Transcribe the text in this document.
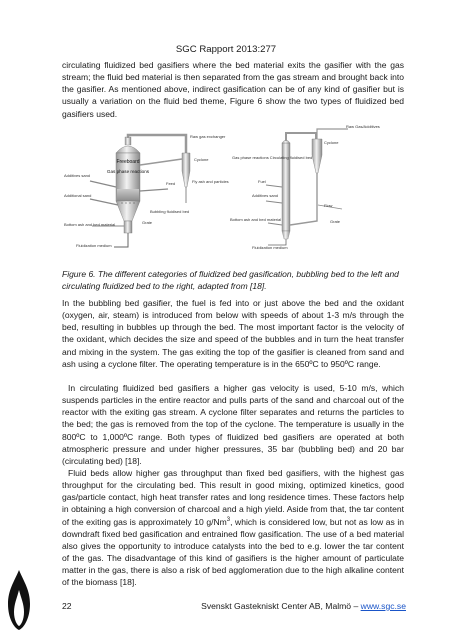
SGC Rapport 2013:277

circulating fluidized bed gasifiers where the bed material exits the gasifier with the gas stream; the fluid bed material is then separated from the gas stream and brought back into the gasifier. As mentioned above, indirect gasification can be of any kind of gasifier but is usually a variation on the fluid bed theme, Figure 6 show the two types of fluidized bed gasifiers used.

Raw gas exchanger
Cyclone
Freeboard
Gas phase reactions
Fly ash and particles
Feed
Additives sand
Additional sand
Bubbling fluidised bed
Grate
Bottom ash and bed material
Fluidization medium
Raw Gas/Additives
Cyclone
Gas phase reactions Circulating fluidised bed
Fuel
Additives sand
Flow
Grate
Bottom ash and bed material
Fluidization medium

Figure 6. The different categories of fluidized bed gasification, bubbling bed to the left and circulating fluidized bed to the right, adapted from [18].

In the bubbling bed gasifier, the fuel is fed into or just above the bed and the oxidant (oxygen, air, steam) is introduced from below with speeds of about 1-3 m/s through the bed, resulting in bubbles up through the bed. The most important factor is the velocity of the oxidant, which decides the size and speed of the bubbles and in turn the heat transfer and mixing in the system. The gas exiting the top of the gasifier is cleaned from sand and ash using a cyclone filter. The operating temperature is in the 650ºC to 950ºC range.

In circulating fluidized bed gasifiers a higher gas velocity is used, 5-10 m/s, which suspends particles in the entire reactor and pulls parts of the sand and charcoal out of the reactor with the exiting gas stream. A cyclone filter separates and returns the particles to the bed; the gas is removed from the top of the cyclone. The temperature is usually in the 800ºC to 1,000ºC range. Both types of fluidized bed gasifiers are operated at both atmospheric pressure and under higher pressures, 35 bar (bubbling bed) and 20 bar (circulating bed) [18].

Fluid beds allow higher gas throughput than fixed bed gasifiers, with the highest gas throughput for the circulating bed. This result in good mixing, optimized kinetics, good gas/particle contact, high heat transfer rates and long residence times. These factors help in obtaining a high conversion of charcoal and a high yield. Aside from that, the tar content of the exiting gas is approximately 10 g/Nm$^3$, which is considered low, but not as low as in downdraft fixed bed gasification and entrained flow gasification. The use of a bed material also gives the opportunity to introduce catalysts into the bed to e.g. lower the tar content of the gas. The disadvantage of this kind of gasifiers is the higher amount of particulate matter in the gas, there is also a risk of bed agglomeration due to the high alkaline content of the biomass [18].

22	Svenskt Gastekniskt Center AB, Malmö – www.sgc.se
